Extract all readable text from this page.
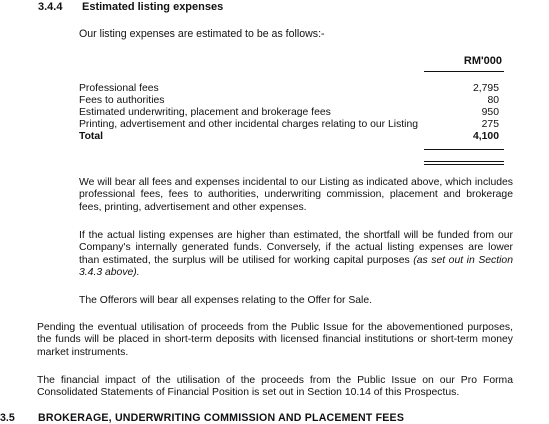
3.4.4 Estimated listing expenses
Our listing expenses are estimated to be as follows:-
RM'000
Professional fees	2,795
Fees to authorities	80
Estimated underwriting, placement and brokerage fees	950
Printing, advertisement and other incidental charges relating to our Listing	275
Total	4,100
We will bear all fees and expenses incidental to our Listing as indicated above, which includes professional fees, fees to authorities, underwriting commission, placement and brokerage fees, printing, advertisement and other expenses.
If the actual listing expenses are higher than estimated, the shortfall will be funded from our Company's internally generated funds. Conversely, if the actual listing expenses are lower than estimated, the surplus will be utilised for working capital purposes (as set out in Section 3.4.3 above).
The Offerors will bear all expenses relating to the Offer for Sale.
Pending the eventual utilisation of proceeds from the Public Issue for the abovementioned purposes, the funds will be placed in short-term deposits with licensed financial institutions or short-term money market instruments.
The financial impact of the utilisation of the proceeds from the Public Issue on our Pro Forma Consolidated Statements of Financial Position is set out in Section 10.14 of this Prospectus.
3.5 BROKERAGE, UNDERWRITING COMMISSION AND PLACEMENT FEES
